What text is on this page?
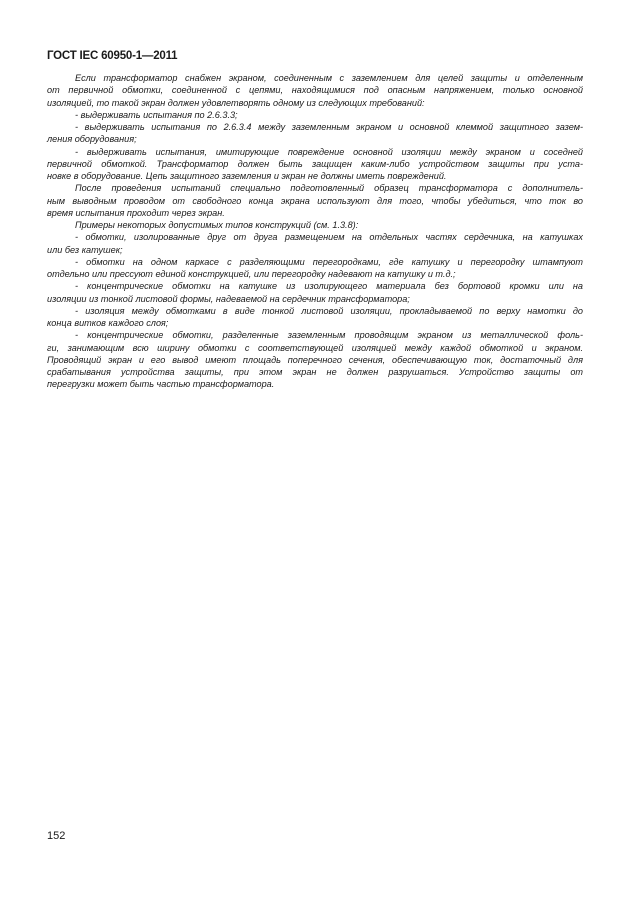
ГОСТ IEC 60950-1—2011
Если трансформатор снабжен экраном, соединенным с заземлением для целей защиты и отделенным
от первичной обмотки, соединенной с цепями, находящимися под опасным напряжением, только основной
изоляцией, то такой экран должен удовлетворять одному из следующих требований:
- выдерживать испытания по 2.6.3.3;
- выдерживать испытания по 2.6.3.4 между заземленным экраном и основной клеммой защитного зазем-
ления оборудования;
- выдерживать испытания, имитирующие повреждение основной изоляции между экраном и соседней
первичной обмоткой. Трансформатор должен быть защищен каким-либо устройством защиты при уста-
новке в оборудование. Цепь защитного заземления и экран не должны иметь повреждений.
После проведения испытаний специально подготовленный образец трансформатора с дополнитель-
ным выводным проводом от свободного конца экрана используют для того, чтобы убедиться, что ток во
время испытания проходит через экран.
Примеры некоторых допустимых типов конструкций (см. 1.3.8):
- обмотки, изолированные друг от друга размещением на отдельных частях сердечника, на катушках
или без катушек;
- обмотки на одном каркасе с разделяющими перегородками, где катушку и перегородку штампуют
отдельно или прессуют единой конструкцией, или перегородку надевают на катушку и т.д.;
- концентрические обмотки на катушке из изолирующего материала без бортовой кромки или на
изоляции из тонкой листовой формы, надеваемой на сердечник трансформатора;
- изоляция между обмотками в виде тонкой листовой изоляции, прокладываемой по верху намотки до
конца витков каждого слоя;
- концентрические обмотки, разделенные заземленным проводящим экраном из металлической фоль-
ги, занимающим всю ширину обмотки с соответствующей изоляцией между каждой обмоткой и экраном.
Проводящий экран и его вывод имеют площадь поперечного сечения, обеспечивающую ток, достаточный для
срабатывания устройства защиты, при этом экран не должен разрушаться. Устройство защиты от
перегрузки может быть частью трансформатора.
152
